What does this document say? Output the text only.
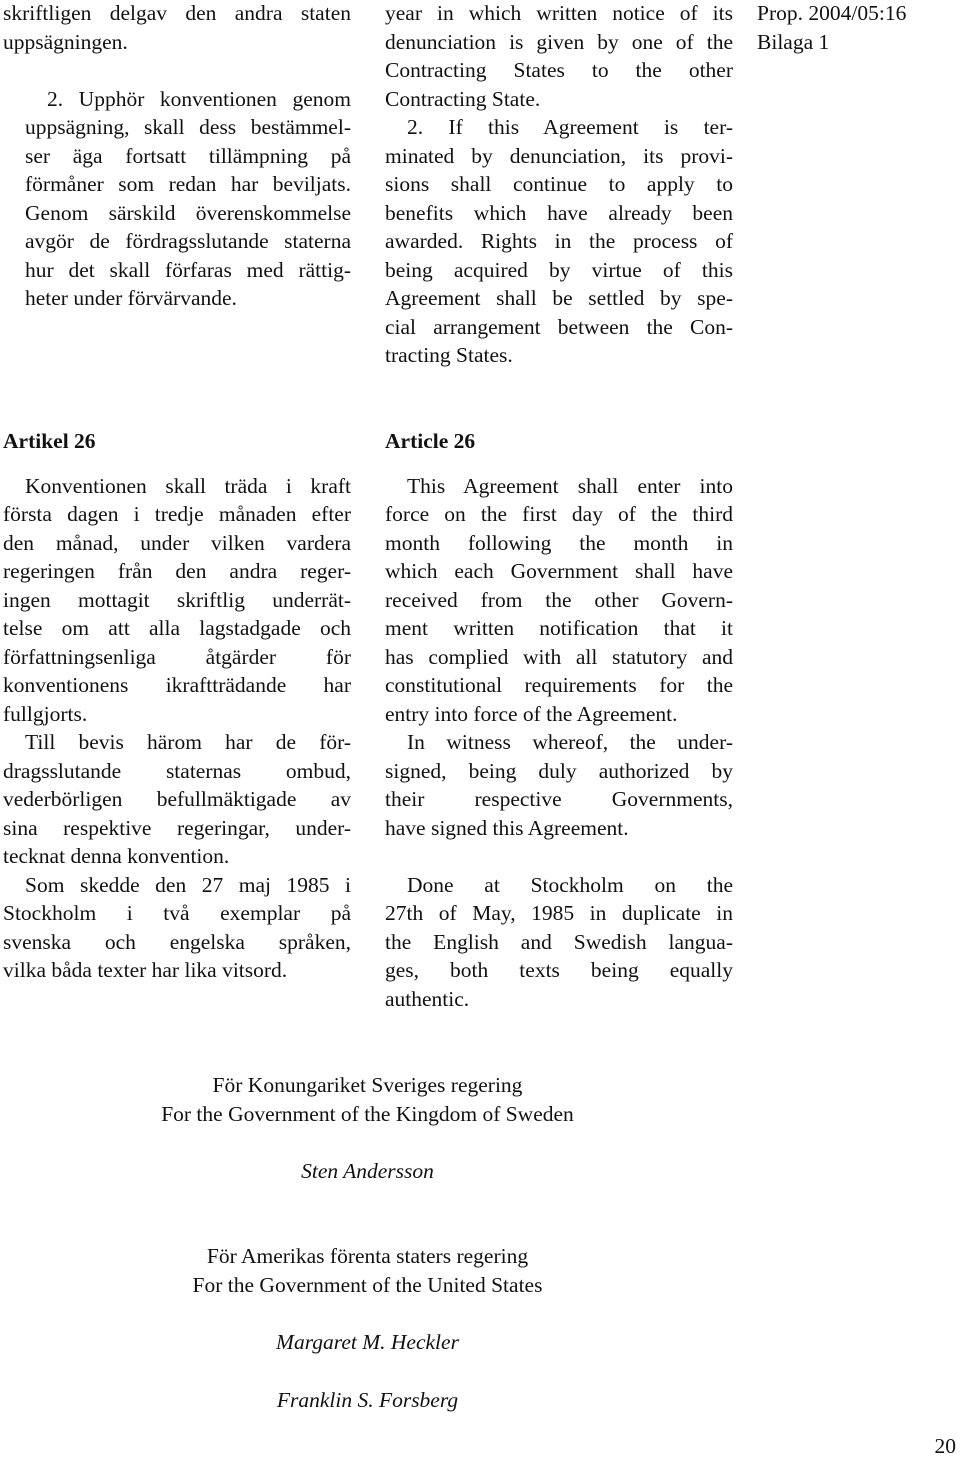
skriftligen delgav den andra staten
uppsägningen.

2. Upphör konventionen genom
uppsägning, skall dess bestämmel-
ser äga fortsatt tillämpning på
förmåner som redan har beviljats.
Genom särskild överenskommelse
avgör de fördragsslutande staterna
hur det skall förfaras med rättig-
heter under förvärvande.

year in which written notice of its
denunciation is given by one of the
Contracting States to the other
Contracting State.
2. If this Agreement is ter-
minated by denunciation, its provi-
sions shall continue to apply to
benefits which have already been
awarded. Rights in the process of
being acquired by virtue of this
Agreement shall be settled by spe-
cial arrangement between the Con-
tracting States.

Prop. 2004/05:16
Bilaga 1

Artikel 26

Konventionen skall träda i kraft
första dagen i tredje månaden efter
den månad, under vilken vardera
regeringen från den andra reger-
ingen mottagit skriftlig underrät-
telse om att alla lagstadgade och
författningsenliga åtgärder för
konventionens ikraftträdande har
fullgjorts.

Till bevis härom har de för-
dragsslutande staternas ombud,
vederbörligen befullmäktigade av
sina respektive regeringar, under-
tecknat denna konvention.

Som skedde den 27 maj 1985 i
Stockholm i två exemplar på
svenska och engelska språken,
vilka båda texter har lika vitsord.

Article 26

This Agreement shall enter into
force on the first day of the third
month following the month in
which each Government shall have
received from the other Govern-
ment written notification that it
has complied with all statutory and
constitutional requirements for the
entry into force of the Agreement.

In witness whereof, the under-
signed, being duly authorized by
their respective Governments,
have signed this Agreement.

Done at Stockholm on the
27th of May, 1985 in duplicate in
the English and Swedish langua-
ges, both texts being equally
authentic.

För Konungariket Sveriges regering
For the Government of the Kingdom of Sweden
Sten Andersson
För Amerikas förenta staters regering
For the Government of the United States
Margaret M. Heckler
Franklin S. Forsberg
20
